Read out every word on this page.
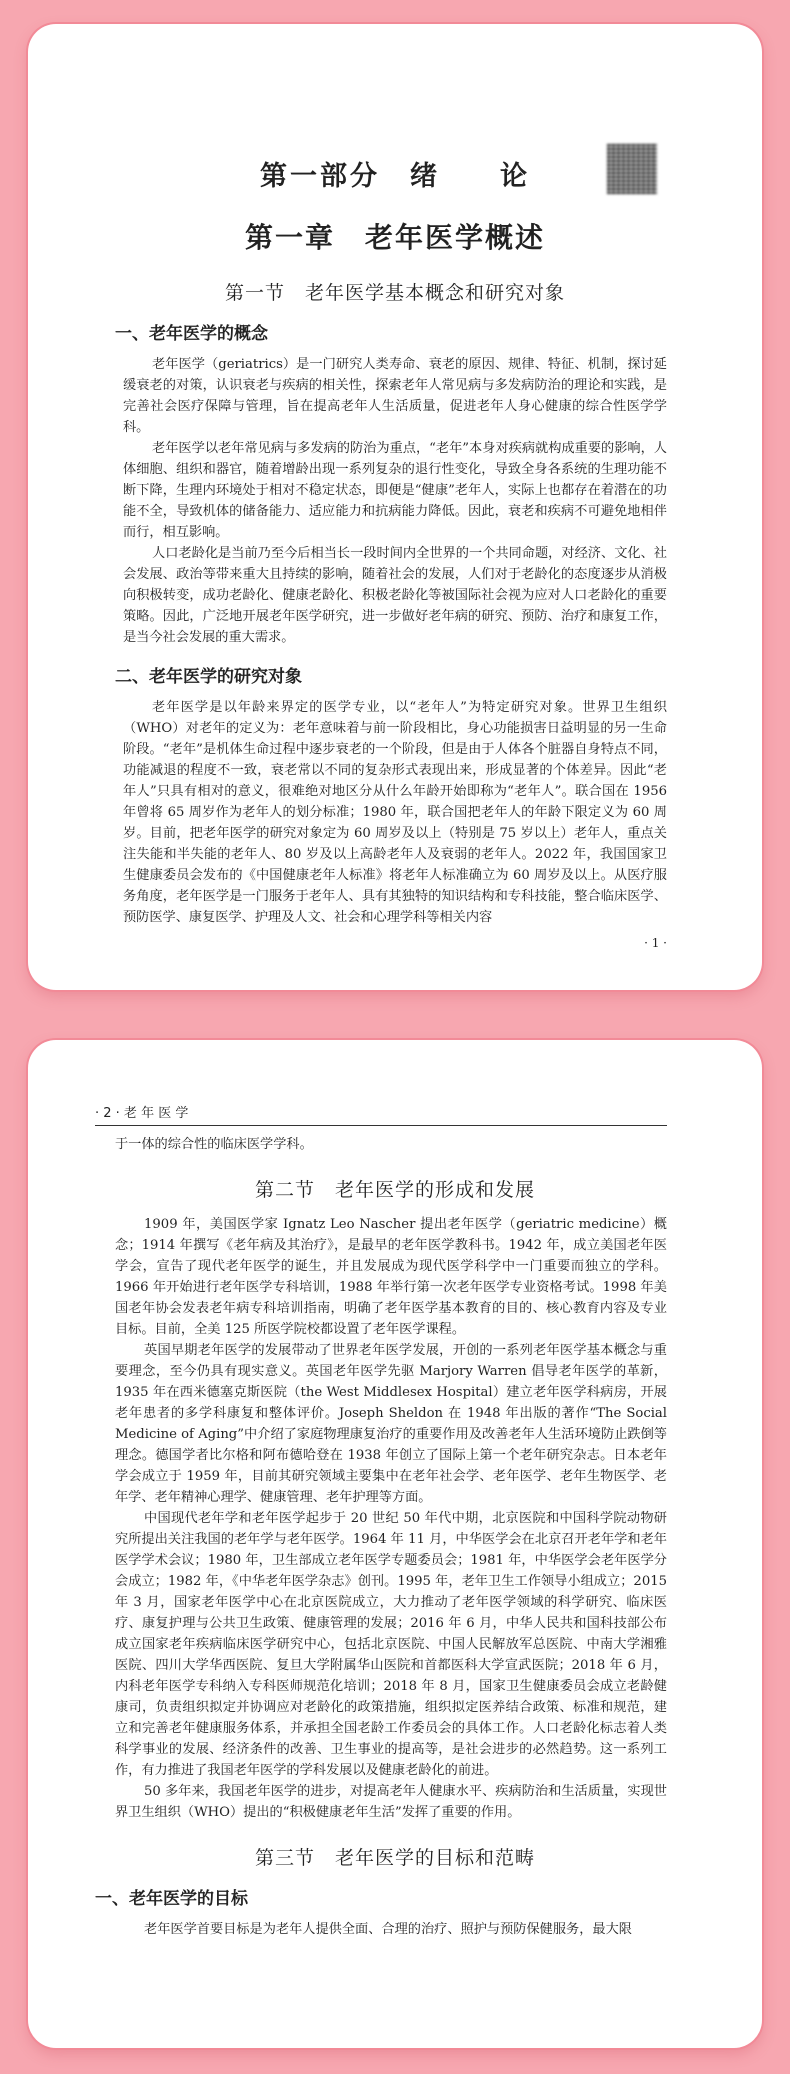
第一部分　绪　　论
第一章　老年医学概述
第一节　老年医学基本概念和研究对象
一、老年医学的概念

老年医学（geriatrics）是一门研究人类寿命、衰老的原因、规律、特征、机制，探讨延缓衰老的对策，认识衰老与疾病的相关性，探索老年人常见病与多发病防治的理论和实践，是完善社会医疗保障与管理，旨在提高老年人生活质量，促进老年人身心健康的综合性医学学科。

老年医学以老年常见病与多发病的防治为重点，“老年”本身对疾病就构成重要的影响，人体细胞、组织和器官，随着增龄出现一系列复杂的退行性变化，导致全身各系统的生理功能不断下降，生理内环境处于相对不稳定状态，即便是“健康”老年人，实际上也都存在着潜在的功能不全，导致机体的储备能力、适应能力和抗病能力降低。因此，衰老和疾病不可避免地相伴而行，相互影响。

人口老龄化是当前乃至今后相当长一段时间内全世界的一个共同命题，对经济、文化、社会发展、政治等带来重大且持续的影响，随着社会的发展，人们对于老龄化的态度逐步从消极向积极转变，成功老龄化、健康老龄化、积极老龄化等被国际社会视为应对人口老龄化的重要策略。因此，广泛地开展老年医学研究，进一步做好老年病的研究、预防、治疗和康复工作，是当今社会发展的重大需求。

二、老年医学的研究对象

老年医学是以年龄来界定的医学专业，以“老年人”为特定研究对象。世界卫生组织（WHO）对老年的定义为：老年意味着与前一阶段相比，身心功能损害日益明显的另一生命阶段。“老年”是机体生命过程中逐步衰老的一个阶段，但是由于人体各个脏器自身特点不同，功能减退的程度不一致，衰老常以不同的复杂形式表现出来，形成显著的个体差异。因此“老年人”只具有相对的意义，很难绝对地区分从什么年龄开始即称为“老年人”。联合国在 1956 年曾将 65 周岁作为老年人的划分标准；1980 年，联合国把老年人的年龄下限定义为 60 周岁。目前，把老年医学的研究对象定为 60 周岁及以上（特别是 75 岁以上）老年人，重点关注失能和半失能的老年人、80 岁及以上高龄老年人及衰弱的老年人。2022 年，我国国家卫生健康委员会发布的《中国健康老年人标准》将老年人标准确立为 60 周岁及以上。从医疗服务角度，老年医学是一门服务于老年人、具有其独特的知识结构和专科技能，整合临床医学、预防医学、康复医学、护理及人文、社会和心理学科等相关内容

· 1 ·
· 2 · 老 年 医 学

于一体的综合性的临床医学学科。

第二节　老年医学的形成和发展

1909 年，美国医学家 Ignatz Leo Nascher 提出老年医学（geriatric medicine）概念；1914 年撰写《老年病及其治疗》，是最早的老年医学教科书。1942 年，成立美国老年医学会，宣告了现代老年医学的诞生，并且发展成为现代医学科学中一门重要而独立的学科。1966 年开始进行老年医学专科培训，1988 年举行第一次老年医学专业资格考试。1998 年美国老年协会发表老年病专科培训指南，明确了老年医学基本教育的目的、核心教育内容及专业目标。目前，全美 125 所医学院校都设置了老年医学课程。

英国早期老年医学的发展带动了世界老年医学发展，开创的一系列老年医学基本概念与重要理念，至今仍具有现实意义。英国老年医学先驱 Marjory Warren 倡导老年医学的革新，1935 年在西米德塞克斯医院（the West Middlesex Hospital）建立老年医学科病房，开展老年患者的多学科康复和整体评价。Joseph Sheldon 在 1948 年出版的著作“The Social Medicine of Aging”中介绍了家庭物理康复治疗的重要作用及改善老年人生活环境防止跌倒等理念。德国学者比尔格和阿布德哈登在 1938 年创立了国际上第一个老年研究杂志。日本老年学会成立于 1959 年，目前其研究领域主要集中在老年社会学、老年医学、老年生物医学、老年学、老年精神心理学、健康管理、老年护理等方面。

中国现代老年学和老年医学起步于 20 世纪 50 年代中期，北京医院和中国科学院动物研究所提出关注我国的老年学与老年医学。1964 年 11 月，中华医学会在北京召开老年学和老年医学学术会议；1980 年，卫生部成立老年医学专题委员会；1981 年，中华医学会老年医学分会成立；1982 年，《中华老年医学杂志》创刊。1995 年，老年卫生工作领导小组成立；2015 年 3 月，国家老年医学中心在北京医院成立，大力推动了老年医学领域的科学研究、临床医疗、康复护理与公共卫生政策、健康管理的发展；2016 年 6 月，中华人民共和国科技部公布成立国家老年疾病临床医学研究中心，包括北京医院、中国人民解放军总医院、中南大学湘雅医院、四川大学华西医院、复旦大学附属华山医院和首都医科大学宣武医院；2018 年 6 月，内科老年医学专科纳入专科医师规范化培训；2018 年 8 月，国家卫生健康委员会成立老龄健康司，负责组织拟定并协调应对老龄化的政策措施，组织拟定医养结合政策、标准和规范，建立和完善老年健康服务体系，并承担全国老龄工作委员会的具体工作。人口老龄化标志着人类科学事业的发展、经济条件的改善、卫生事业的提高等，是社会进步的必然趋势。这一系列工作，有力推进了我国老年医学的学科发展以及健康老龄化的前进。

50 多年来，我国老年医学的进步，对提高老年人健康水平、疾病防治和生活质量，实现世界卫生组织（WHO）提出的“积极健康老年生活”发挥了重要的作用。

第三节　老年医学的目标和范畴
一、老年医学的目标

老年医学首要目标是为老年人提供全面、合理的治疗、照护与预防保健服务，最大限
